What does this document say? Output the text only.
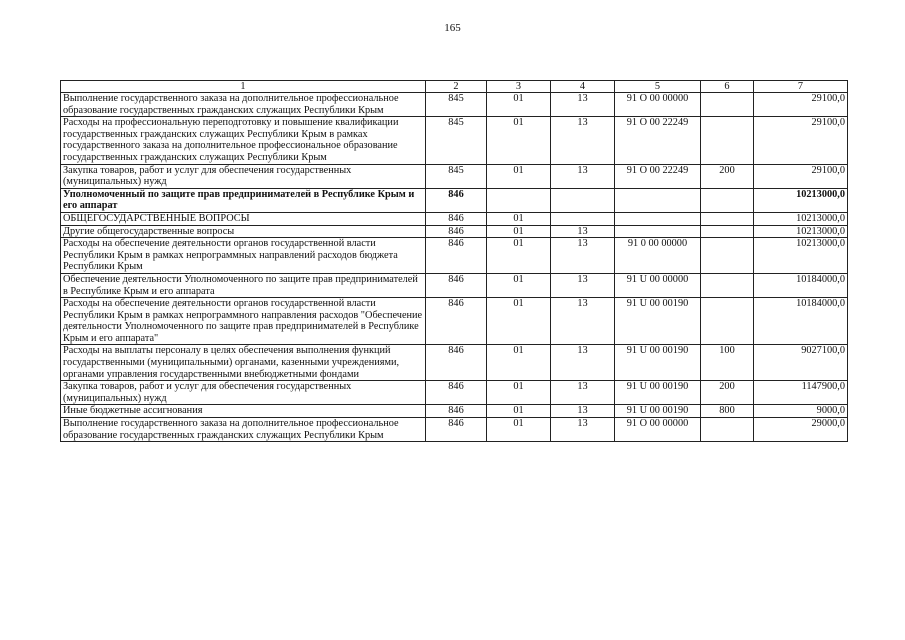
165
1	2	3	4	5	6	7
Выполнение государственного заказа на дополнительное профессиональное образование государственных гражданских служащих Республики Крым	845	01	13	91 О 00 00000		29100,0
Расходы на профессиональную переподготовку и повышение квалификации государственных гражданских служащих Республики Крым в рамках государственного заказа на дополнительное профессиональное образование государственных гражданских служащих Республики Крым	845	01	13	91 О 00 22249		29100,0
Закупка товаров, работ и услуг для обеспечения государственных (муниципальных) нужд	845	01	13	91 О 00 22249	200	29100,0
Уполномоченный по защите прав предпринимателей в Республике Крым и его аппарат	846					10213000,0
ОБЩЕГОСУДАРСТВЕННЫЕ ВОПРОСЫ	846	01				10213000,0
Другие общегосударственные вопросы	846	01	13			10213000,0
Расходы на обеспечение деятельности органов государственной власти Республики Крым в рамках непрограммных направлений расходов бюджета Республики Крым	846	01	13	91 0 00 00000		10213000,0
Обеспечение деятельности Уполномоченного по защите прав предпринимателей в Республике Крым и его аппарата	846	01	13	91 U 00 00000		10184000,0
Расходы на обеспечение деятельности органов государственной власти Республики Крым в рамках непрограммного направления расходов "Обеспечение деятельности Уполномоченного по защите прав предпринимателей в Республике Крым и его аппарата"	846	01	13	91 U 00 00190		10184000,0
Расходы на выплаты персоналу в целях обеспечения выполнения функций государственными (муниципальными) органами, казенными учреждениями, органами управления государственными внебюджетными фондами	846	01	13	91 U 00 00190	100	9027100,0
Закупка товаров, работ и услуг для обеспечения государственных (муниципальных) нужд	846	01	13	91 U 00 00190	200	1147900,0
Иные бюджетные ассигнования	846	01	13	91 U 00 00190	800	9000,0
Выполнение государственного заказа на дополнительное профессиональное образование государственных гражданских служащих Республики Крым	846	01	13	91 О 00 00000		29000,0
